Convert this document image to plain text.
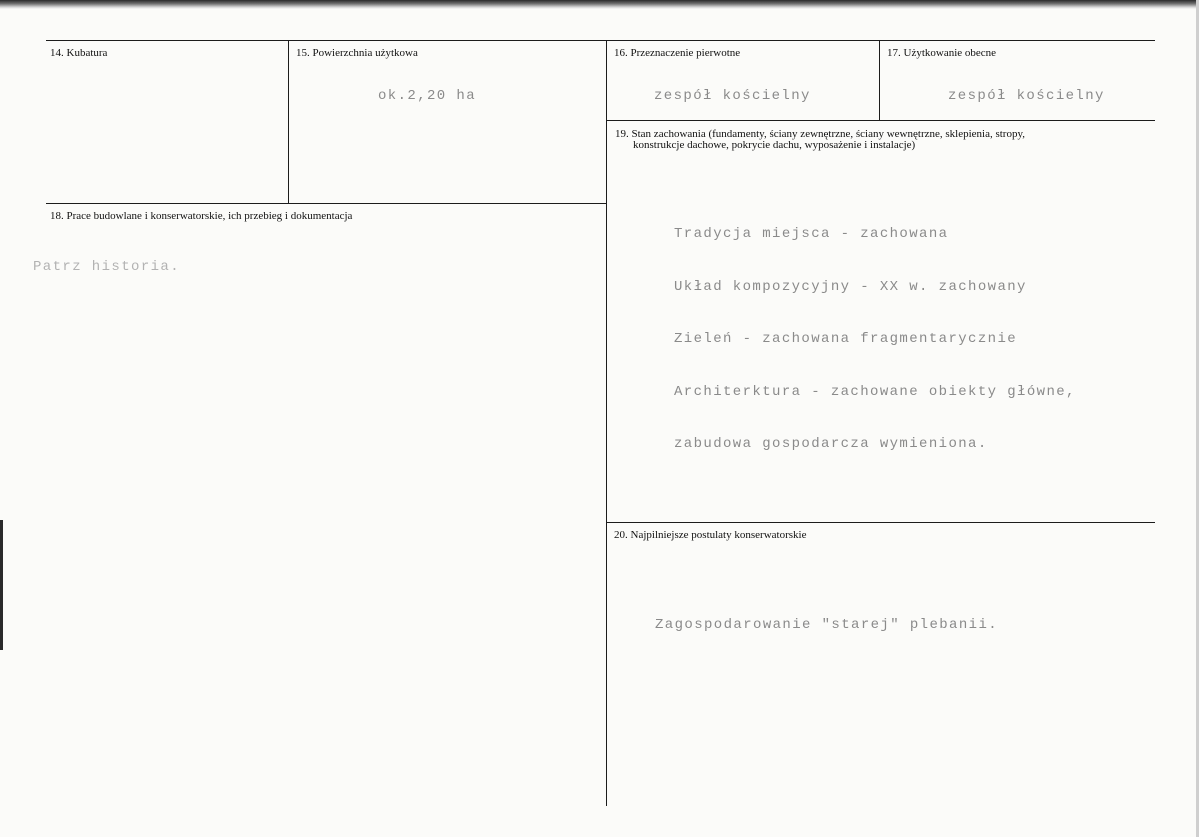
14. Kubatura	15. Powierzchnia użytkowa
ok.2,20 ha
16. Przeznaczenie pierwotne
zespół kościelny
17. Użytkowanie obecne
zespół kościelny
19. Stan zachowania (fundamenty, ściany zewnętrzne, ściany wewnętrzne, sklepienia, stropy,
konstrukcje dachowe, pokrycie dachu, wyposażenie i instalacje)

Tradycja miejsca - zachowana

Układ kompozycyjny - XX w. zachowany

Zieleń - zachowana fragmentarycznie

Architerktura - zachowane obiekty główne,

zabudowa gospodarcza wymieniona.

18. Prace budowlane i konserwatorskie, ich przebieg i dokumentacja
Patrz historia.
20. Najpilniejsze postulaty konserwatorskie
Zagospodarowanie "starej" plebanii.
